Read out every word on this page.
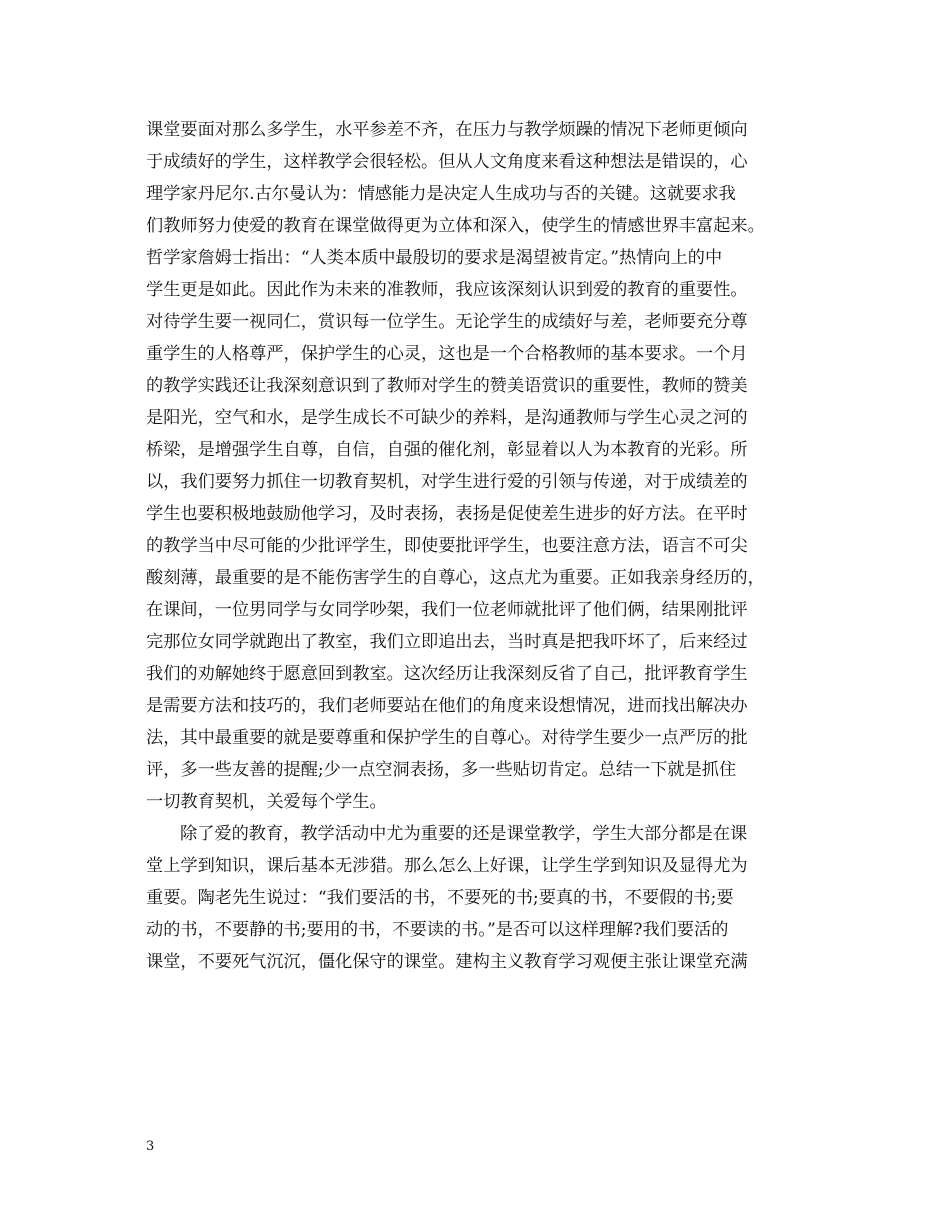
课堂要面对那么多学生，水平参差不齐，在压力与教学烦躁的情况下老师更倾向
于成绩好的学生，这样教学会很轻松。但从人文角度来看这种想法是错误的，心
理学家丹尼尔.古尔曼认为：情感能力是决定人生成功与否的关键。这就要求我
们教师努力使爱的教育在课堂做得更为立体和深入，使学生的情感世界丰富起来。
哲学家詹姆士指出：“人类本质中最殷切的要求是渴望被肯定。”热情向上的中
学生更是如此。因此作为未来的准教师，我应该深刻认识到爱的教育的重要性。
对待学生要一视同仁，赏识每一位学生。无论学生的成绩好与差，老师要充分尊
重学生的人格尊严，保护学生的心灵，这也是一个合格教师的基本要求。一个月
的教学实践还让我深刻意识到了教师对学生的赞美语赏识的重要性，教师的赞美
是阳光，空气和水，是学生成长不可缺少的养料，是沟通教师与学生心灵之河的
桥梁，是增强学生自尊，自信，自强的催化剂，彰显着以人为本教育的光彩。所
以，我们要努力抓住一切教育契机，对学生进行爱的引领与传递，对于成绩差的
学生也要积极地鼓励他学习，及时表扬，表扬是促使差生进步的好方法。在平时
的教学当中尽可能的少批评学生，即使要批评学生，也要注意方法，语言不可尖
酸刻薄，最重要的是不能伤害学生的自尊心，这点尤为重要。正如我亲身经历的，
在课间，一位男同学与女同学吵架，我们一位老师就批评了他们俩，结果刚批评
完那位女同学就跑出了教室，我们立即追出去，当时真是把我吓坏了，后来经过
我们的劝解她终于愿意回到教室。这次经历让我深刻反省了自己，批评教育学生
是需要方法和技巧的，我们老师要站在他们的角度来设想情况，进而找出解决办
法，其中最重要的就是要尊重和保护学生的自尊心。对待学生要少一点严厉的批
评，多一些友善的提醒;少一点空洞表扬，多一些贴切肯定。总结一下就是抓住
一切教育契机，关爱每个学生。
除了爱的教育，教学活动中尤为重要的还是课堂教学，学生大部分都是在课
堂上学到知识，课后基本无涉猎。那么怎么上好课，让学生学到知识及显得尤为
重要。陶老先生说过：“我们要活的书，不要死的书;要真的书，不要假的书;要
动的书，不要静的书;要用的书，不要读的书。”是否可以这样理解?我们要活的
课堂，不要死气沉沉，僵化保守的课堂。建构主义教育学习观便主张让课堂充满
3
